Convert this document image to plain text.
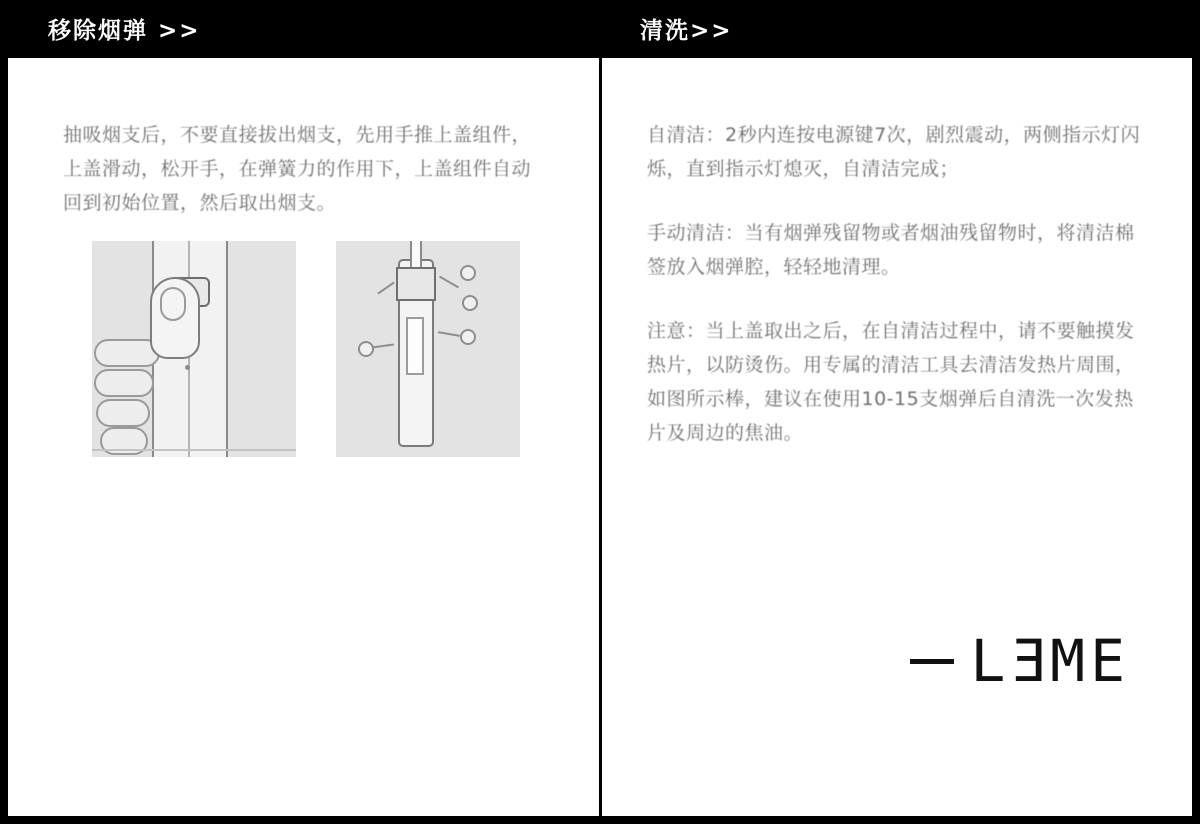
移除烟弹 >>	清洗>>

抽吸烟支后，不要直接拔出烟支，先用手推上盖组件，上盖滑动，松开手，在弹簧力的作用下，上盖组件自动回到初始位置，然后取出烟支。

自清洁：2秒内连按电源键7次，剧烈震动，两侧指示灯闪烁，直到指示灯熄灭，自清洁完成；

手动清洁：当有烟弹残留物或者烟油残留物时，将清洁棉签放入烟弹腔，轻轻地清理。

注意：当上盖取出之后，在自清洁过程中，请不要触摸发热片，以防烫伤。用专属的清洁工具去清洁发热片周围，如图所示棒，建议在使用10-15支烟弹后自清洗一次发热片及周边的焦油。

LƎME
